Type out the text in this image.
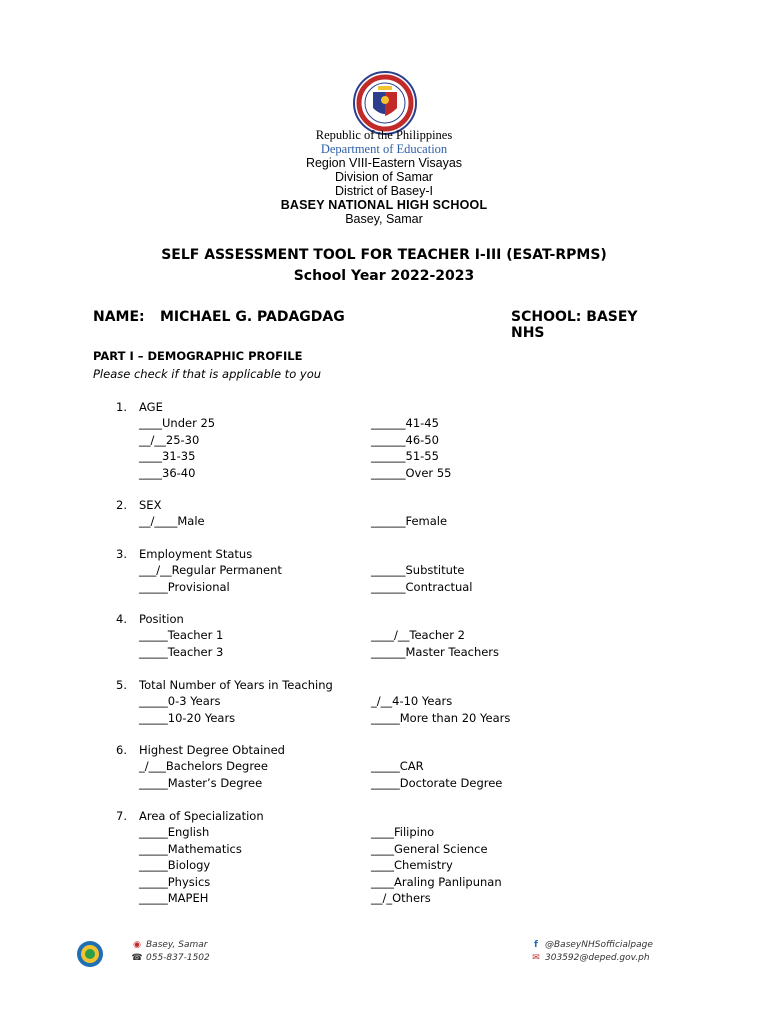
Republic of the Philippines
Department of Education
Region VIII-Eastern Visayas
Division of Samar
District of Basey-I
BASEY NATIONAL HIGH SCHOOL
Basey, Samar
SELF ASSESSMENT TOOL FOR TEACHER I-III (ESAT-RPMS)
School Year 2022-2023
NAME: MICHAEL G. PADAGDAG	SCHOOL: BASEY NHS
PART I – DEMOGRAPHIC PROFILE
Please check if that is applicable to you
1. AGE
____Under 25	______41-45
__/__25-30	______46-50
____31-35	______51-55
____36-40	______Over 55
2. SEX
__/____Male	______Female
3. Employment Status
___/__Regular Permanent	______Substitute
_____Provisional	______Contractual
4. Position
_____Teacher 1	____/__Teacher 2
_____Teacher 3	______Master Teachers
5. Total Number of Years in Teaching
_____0-3 Years	_/__4-10 Years
_____10-20 Years	_____More than 20 Years
6. Highest Degree Obtained
_/___Bachelors Degree	_____CAR
_____Master’s Degree	_____Doctorate Degree
7. Area of Specialization
_____English	____Filipino
_____Mathematics	____General Science
_____Biology	____Chemistry
_____Physics	____Araling Panlipunan
_____MAPEH	__/_Others
◉ Basey, Samar
☎ 055-837-1502
f @BaseyNHSofficialpage
✉ 303592@deped.gov.ph
